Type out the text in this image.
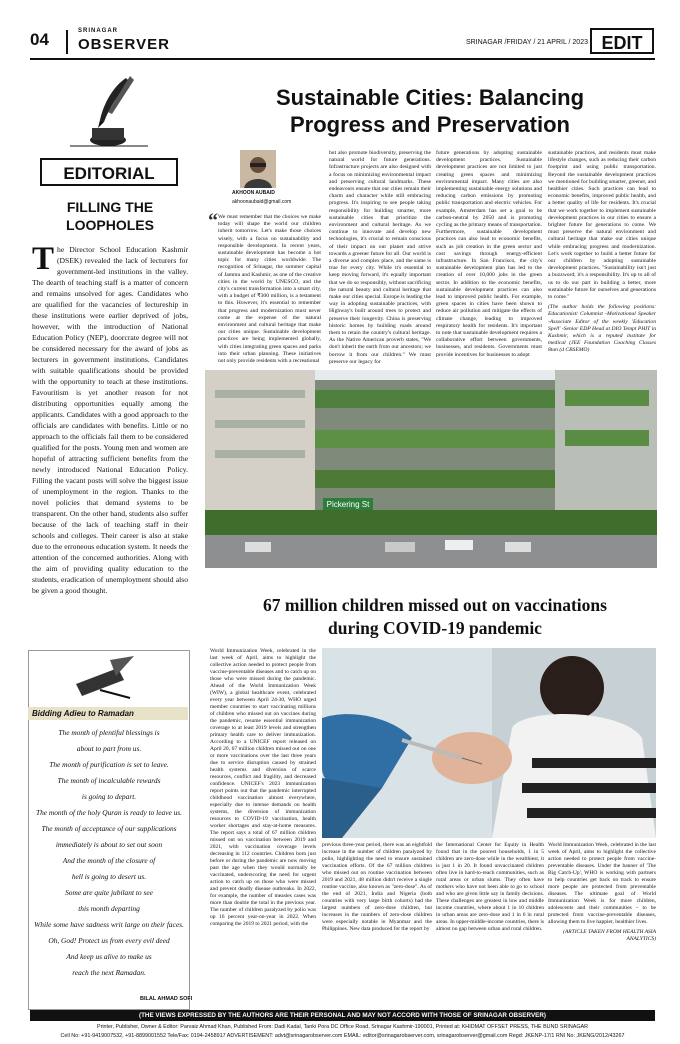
04	SRINAGAR
OBSERVER	SRINAGAR /FRIDAY / 21 APRIL / 2023 EDIT
EDITORIAL
FILLING THE LOOPHOLES
The Director School Education Kashmir (DSEK) revealed the lack of lecturers for government-led institutions in the valley. The dearth of teaching staff is a matter of concern and remains unsolved for ages. Candidates who are qualified for the vacancies of lectureship in these institutions were earlier deprived of jobs, however, with the introduction of National Education Policy (NEP), doorcrate degree will not be considered necessary for the award of jobs as lecturers in government institutions. Candidates with suitable qualifications should be provided with the opportunity to teach at these institutions. Favouritism is yet another reason for not distributing opportunities equally among the applicants. Candidates with a good approach to the officials are candidates with benefits. Little or no approach to the officials fail them to be considered qualified for the posts. Young men and women are hopeful of attracting sufficient benefits from the newly introduced National Education Policy. Filling the vacant posts will solve the biggest issue of unemployment in the region. Thanks to the novel policies that demand systems to be transparent. On the other hand, students also suffer because of the lack of teaching staff in their schools and colleges. Their career is also at stake due to the erroneous education system. It needs the attention of the concerned authorities. Along with the aim of providing quality education to the students, eradication of unemployment should also be given a good thought.
Bidding Adieu to Ramadan
The month of plentiful blessings is
about to part from us.
The month of purification is set to leave.
The month of incalculable rewards
is going to depart.
The month of the holy Quran is ready to leave us.
The month of acceptance of our supplications
immediately is about to set out soon
And the month of the closure of
hell is going to desert us.
Some are quite jubilant to see
this month departing
While some have sadness writ large on their faces.
Oh, God! Protect us from every evil deed
And keep us alive to make us
reach the next Ramadan.
BILAL AHMAD SOFI
Sustainable Cities: Balancing
Progress and Preservation
AKHOON AUBAID
akhoonaubaid@gmail.com
“ We must remember that the choices we make today will shape the world our children inherit tomorrow. Let's make those choices wisely, with a focus on sustainability and responsible development. In recent years, sustainable development has become a hot topic for many cities worldwide. The recognition of Srinagar, the summer capital of Jammu and Kashmir, as one of the creative cities in the world by UNESCO, and the city's current transformation into a smart city, with a budget of ₹300 million, is a testament to this. However, it's essential to remember that progress and modernization must never come at the expense of the natural environment and cultural heritage that make our cities unique. Sustainable development practices are being implemented globally, with cities integrating green spaces and parks into their urban planning. These initiatives not only provide residents with a recreational
but also promote biodiversity, preserving the natural world for future generations. Infrastructure projects are also designed with a focus on minimizing environmental impact and preserving cultural landmarks. These endeavours ensure that our cities remain their charm and character while still embracing progress. It's inspiring to see people taking responsibility for building smarter, more sustainable cities that prioritize the environment and cultural heritage. As we continue to innovate and develop new technologies, it's crucial to remain conscious of their impact on our planet and strive towards a greener future for all. Our world is a diverse and complex place, and the same is true for every city. While it's essential to keep moving forward, it's equally important that we do so responsibly, without sacrificing the natural beauty and cultural heritage that make our cities special. Europe is leading the way in adopting sustainable practices, with Highway's built around trees to protect and preserve their longevity. China is preserving historic homes by building roads around them to retain the country's cultural heritage. As the Native American proverb states, "We don't inherit the earth from our ancestors; we borrow it from our children." We must preserve our legacy for
future generations by adopting sustainable development practices. Sustainable development practices are not limited to just creating green spaces and minimizing environmental impact. Many cities are also implementing sustainable energy solutions and reducing carbon emissions by promoting public transportation and electric vehicles. For example, Amsterdam has set a goal to be carbon-neutral by 2050 and is promoting cycling as the primary means of transportation. Furthermore, sustainable development practices can also lead to economic benefits, such as job creation in the green sector and cost savings through energy-efficient infrastructure. In San Francisco, the city's sustainable development plan has led to the creation of over 10,000 jobs in the green sector. In addition to the economic benefits, sustainable development practices can also lead to improved public health. For example, green spaces in cities have been shown to reduce air pollution and mitigate the effects of climate change, leading to improved respiratory health for residents. It's important to note that sustainable development requires a collaborative effort between governments, businesses, and residents. Governments must provide incentives for businesses to adopt
sustainable practices, and residents must make lifestyle changes, such as reducing their carbon footprint and using public transportation. Beyond the sustainable development practices we mentioned for building smarter, greener, and healthier cities. Such practices can lead to economic benefits, improved public health, and a better quality of life for residents. It's crucial that we work together to implement sustainable development practices in our cities to ensure a brighter future for generations to come. We must preserve the natural environment and cultural heritage that make our cities unique while embracing progress and modernization. Let's work together to build a better future for our children by adopting sustainable development practices. "Sustainability isn't just a buzzword; it's a responsibility. It's up to all of us to do our part in building a better, more sustainable future for ourselves and generations to come."
(The author holds the following positions: Educationist/ Columnist -Motivational Speaker -Associate Editor of the weekly 'Education Spell' -Senior EDP Head at DIO Tempt PHIT in Kashmir, which is a reputed institute for medical (JEE Foundation Coaching Classes 8tan (d CBSEMO)
Pickering St
67 million children missed out on vaccinations
during COVID-19 pandemic
World Immunization Week, celebrated in the last week of April, aims to highlight the collective action needed to protect people from vaccine-preventable diseases and to catch up on those who were missed during the pandemic. Ahead of the World Immunization Week (WIW), a global healthcare event, celebrated every year between April 24-30, WHO urged member countries to start vaccinating millions of children who missed out on vaccines during the pandemic, resume essential immunization coverage to at least 2019 levels and strengthen primary health care to deliver immunization. According to a UNICEF report released on April 20, 67 million children missed out on one or more vaccinations over the last three years due to service disruption caused by strained health systems and diversion of scarce resources, conflict and fragility, and decreased confidence. UNICEF's 2023 immunization report points out that the pandemic interrupted childhood vaccination almost everywhere, especially due to intense demands on health systems, the diversion of immunization resources to COVID-19 vaccination, health worker shortages and stay-at-home measures. The report says a total of 67 million children missed out on vaccination between 2019 and 2021, with vaccination coverage levels decreasing in 112 countries. Children born just before or during the pandemic are now moving past the age when they would normally be vaccinated, underscoring the need for urgent action to catch up on those who were missed and prevent deadly disease outbreaks. In 2022, for example, the number of measles cases was more than double the total in the previous year. The number of children paralyzed by polio was up 16 percent year-on-year in 2022. When comparing the 2019 to 2021 period, with the
previous three-year period, there was an eightfold increase in the number of children paralyzed by polio, highlighting the need to ensure sustained vaccination efforts. Of the 67 million children who missed out on routine vaccination between 2019 and 2021, 48 million didn't receive a single routine vaccine, also known as "zero-dose". As of the end of 2021, India and Nigeria (both countries with very large birth cohorts) had the largest numbers of zero-dose children, but increases in the numbers of zero-dose children were especially notable in Myanmar and the Philippines. New data produced for the report by
the International Center for Equity in Health found that in the poorest households, 1 in 5 children are zero-dose while in the wealthiest, it is just 1 in 20. It found unvaccinated children often live in hard-to-reach communities, such as rural areas or urban slums. They often have mothers who have not been able to go to school and who are given little say in family decisions. These challenges are greatest in low and middle income countries, where about 1 in 10 children in urban areas are zero-dose and 1 in 6 in rural areas. In upper-middle-income countries, there is almost no gap between urban and rural children.
World Immunization Week, celebrated in the last week of April, aims to highlight the collective action needed to protect people from vaccine-preventable diseases. Under the banner of 'The Big Catch-Up', WHO is working with partners to help countries get back on track to ensure more people are protected from preventable diseases. The ultimate goal of World Immunization Week is for more children, adolescents and their communities – to be protected from vaccine-preventable diseases, allowing them to live happier, healthier lives.
(ARTICLE TAKEN FROM HEALTH ASIA ANALYTICS)
(THE VIEWS EXPRESSED BY THE AUTHORS ARE THEIR PERSONAL AND MAY NOT ACCORD WITH THOSE OF SRINAGAR OBSERVER)
Printer, Publisher, Owner & Editor: Parvaiz Ahmad Khan, Published From: Dadi Kadal, Tanki Pora DC Office Road, Srinagar Kashmir-190001, Printed at: KHIDMAT OFFSET PRESS, THE BUND SRINAGAR
Cell No: +91-9419007532, +91-8899001552 Tele/Fax: 0194-2458917 ADVERTISEMENT: advt@srinagarobserver.com EMAIL: editor@srinagarobserver.com, srinagarobserver@gmail.com Regd: JKENP-17/1 RNI No: JKENG/2012/43267
